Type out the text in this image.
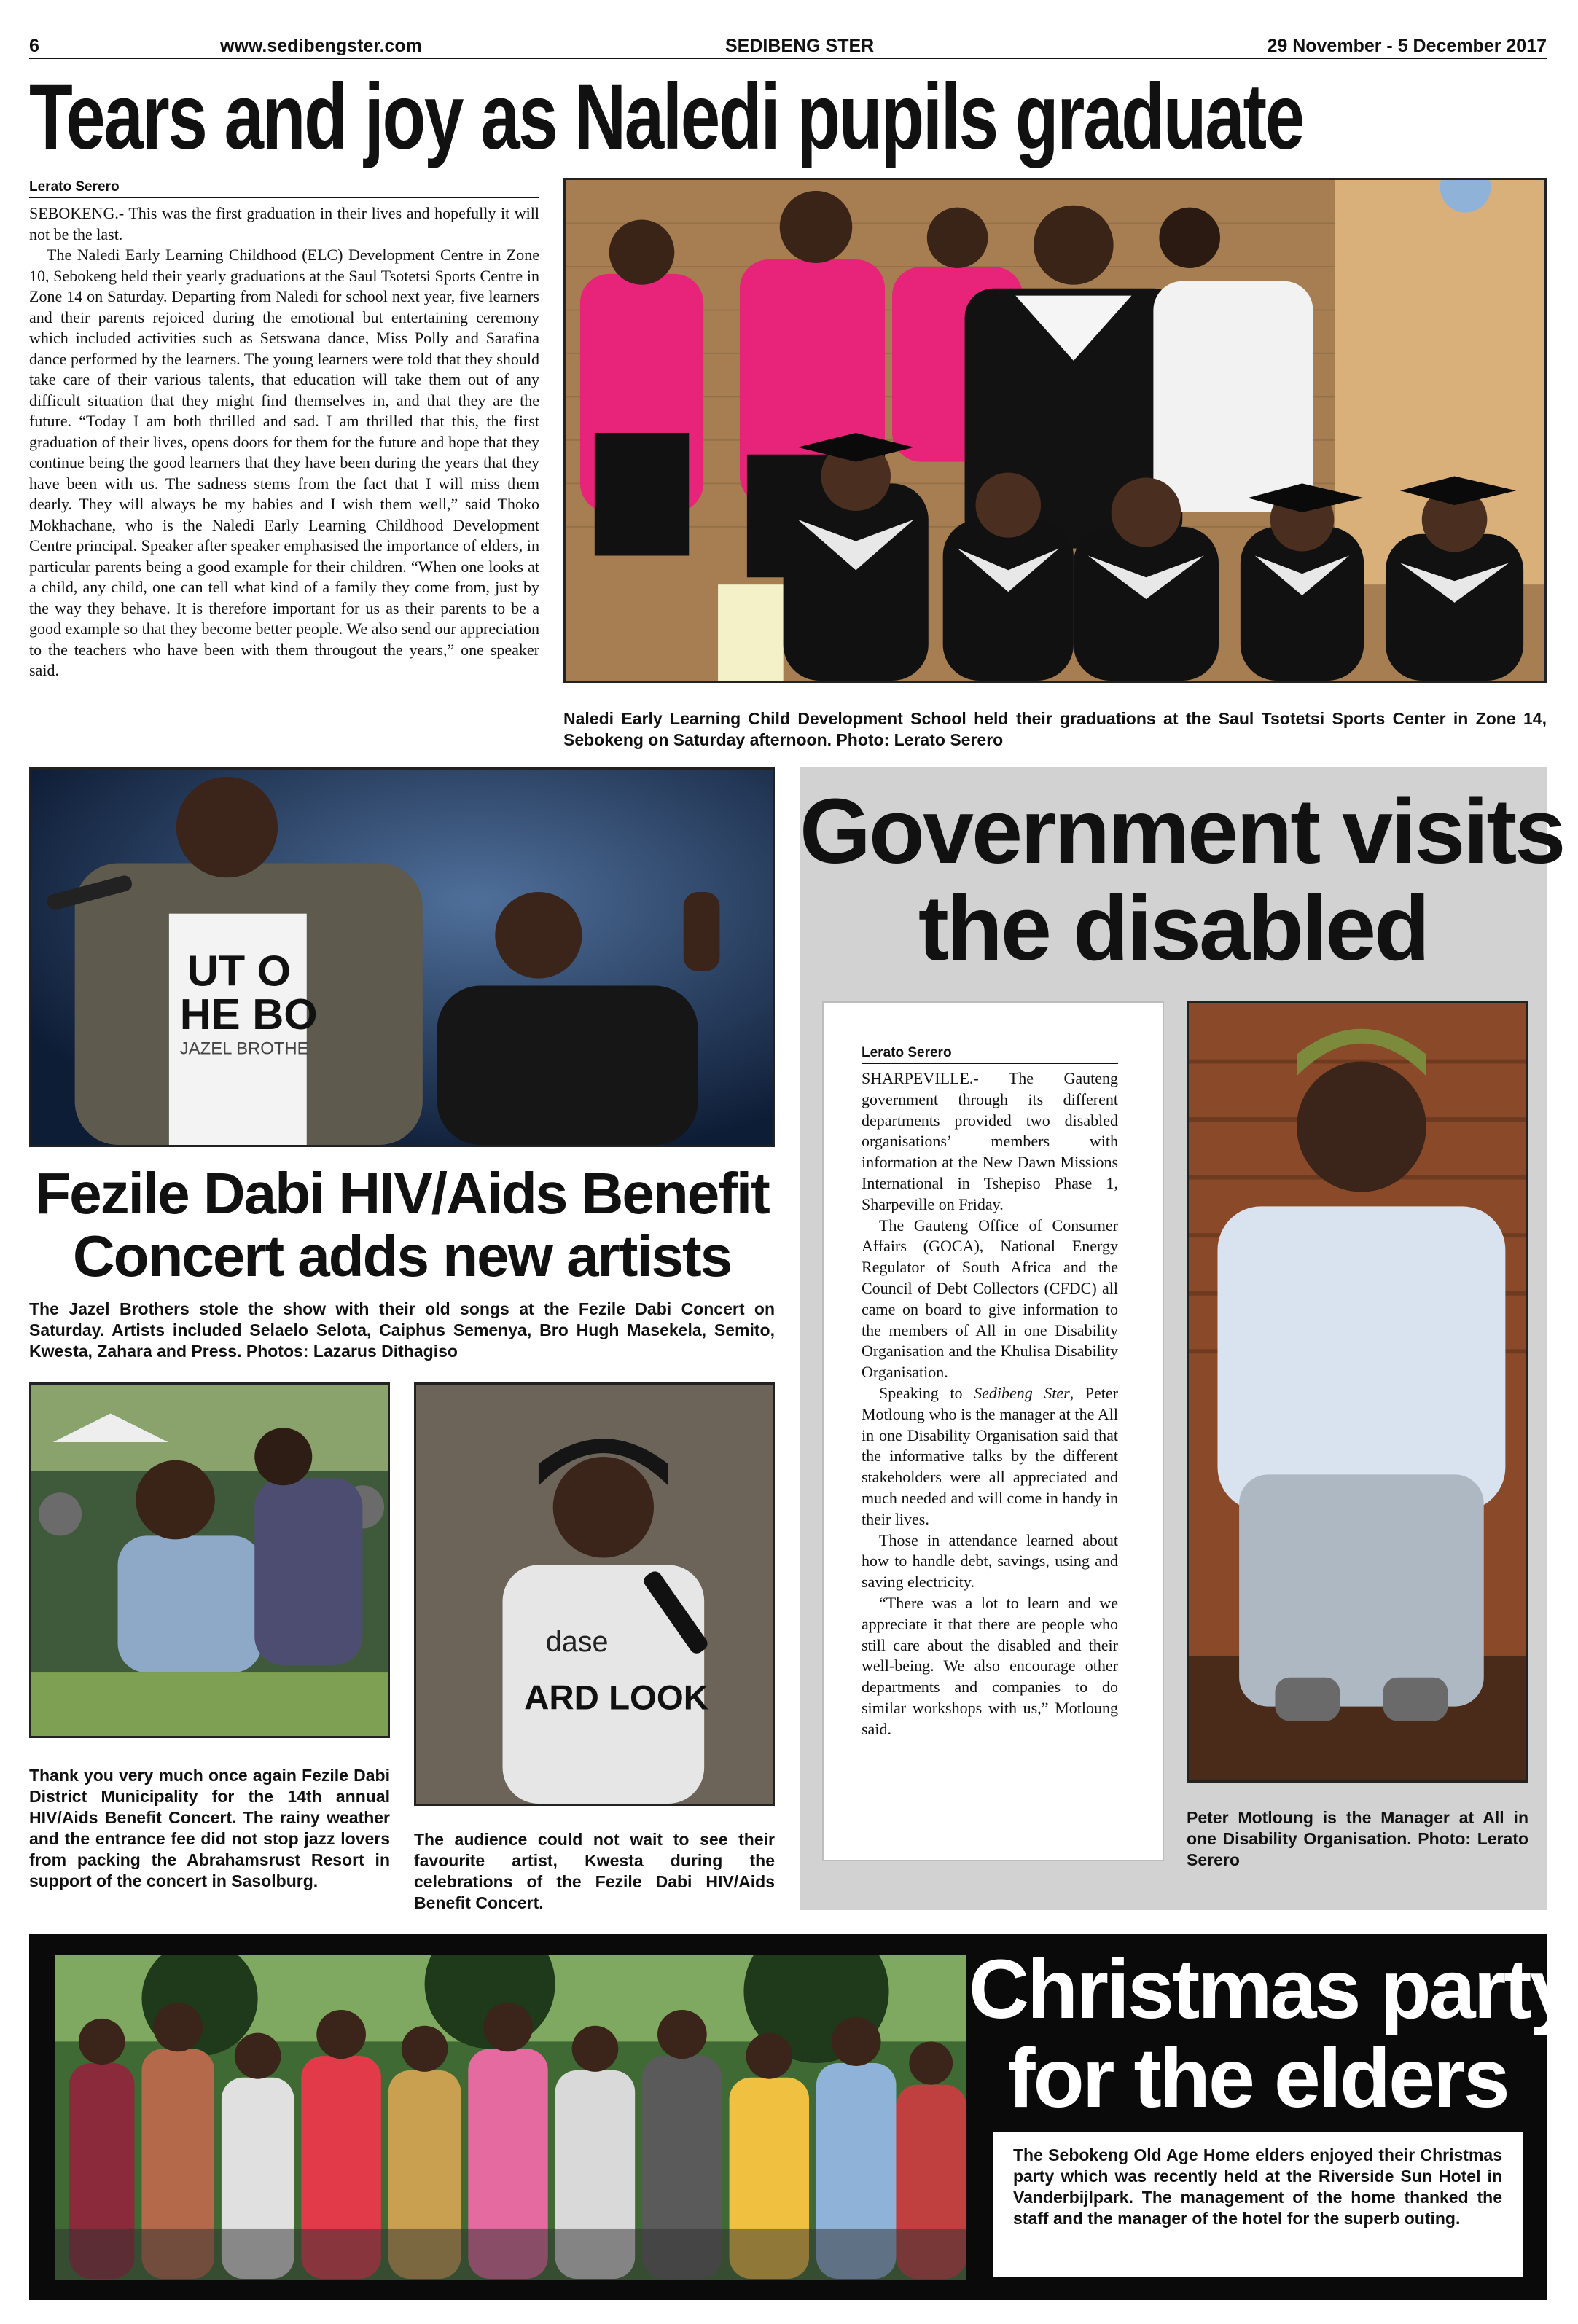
6	www.sedibengster.com	SEDIBENG STER	29 November - 5 December 2017
Tears and joy as Naledi pupils graduate
Lerato Serero

SEBOKENG.- This was the first graduation in their lives and hopefully it will not be the last.

The Naledi Early Learning Childhood (ELC) Development Centre in Zone 10, Sebokeng held their yearly graduations at the Saul Tsotetsi Sports Centre in Zone 14 on Saturday. Departing from Naledi for school next year, five learners and their parents rejoiced during the emotional but entertaining ceremony which included activities such as Setswana dance, Miss Polly and Sarafina dance performed by the learners. The young learners were told that they should take care of their various talents, that education will take them out of any difficult situation that they might find themselves in, and that they are the future. “Today I am both thrilled and sad. I am thrilled that this, the first graduation of their lives, opens doors for them for the future and hope that they continue being the good learners that they have been during the years that they have been with us. The sadness stems from the fact that I will miss them dearly. They will always be my babies and I wish them well,” said Thoko Mokhachane, who is the Naledi Early Learning Childhood Development Centre principal. Speaker after speaker emphasised the importance of elders, in particular parents being a good example for their children. “When one looks at a child, any child, one can tell what kind of a family they come from, just by the way they behave. It is therefore important for us as their parents to be a good example so that they become better people. We also send our appreciation to the teachers who have been with them througout the years,” one speaker said.

Naledi Early Learning Child Development School held their graduations at the Saul Tsotetsi Sports Center in Zone 14, Sebokeng on Saturday afternoon. Photo: Lerato Serero
UT O
HE BO
JAZEL BROTHE
Fezile Dabi HIV/Aids Benefit
Concert adds new artists
The Jazel Brothers stole the show with their old songs at the Fezile Dabi Concert on Saturday. Artists included Selaelo Selota, Caiphus Semenya, Bro Hugh Masekela, Semito, Kwesta, Zahara and Press. Photos: Lazarus Dithagiso
Thank you very much once again Fezile Dabi District Municipality for the 14th annual HIV/Aids Benefit Concert. The rainy weather and the entrance fee did not stop jazz lovers from packing the Abrahamsrust Resort in support of the concert in Sasolburg.
dase
ARD LOOK
The audience could not wait to see their favourite artist, Kwesta during the celebrations of the Fezile Dabi HIV/Aids Benefit Concert.
Government visits
the disabled
Lerato Serero

SHARPEVILLE.- The Gauteng government through its different departments provided two disabled organisations’ members with information at the New Dawn Missions International in Tshepiso Phase 1, Sharpeville on Friday.

The Gauteng Office of Consumer Affairs (GOCA), National Energy Regulator of South Africa and the Council of Debt Collectors (CFDC) all came on board to give information to the members of All in one Disability Organisation and the Khulisa Disability Organisation.

Speaking to Sedibeng Ster, Peter Motloung who is the manager at the All in one Disability Organisation said that the informative talks by the different stakeholders were all appreciated and much needed and will come in handy in their lives.

Those in attendance learned about how to handle debt, savings, using and saving electricity.

“There was a lot to learn and we appreciate it that there are people who still care about the disabled and their well-being. We also encourage other departments and companies to do similar workshops with us,” Motloung said.

Peter Motloung is the Manager at All in one Disability Organisation. Photo: Lerato Serero
Christmas party
for the elders
The Sebokeng Old Age Home elders enjoyed their Christmas party which was recently held at the Riverside Sun Hotel in Vanderbijlpark. The management of the home thanked the staff and the manager of the hotel for the superb outing.
